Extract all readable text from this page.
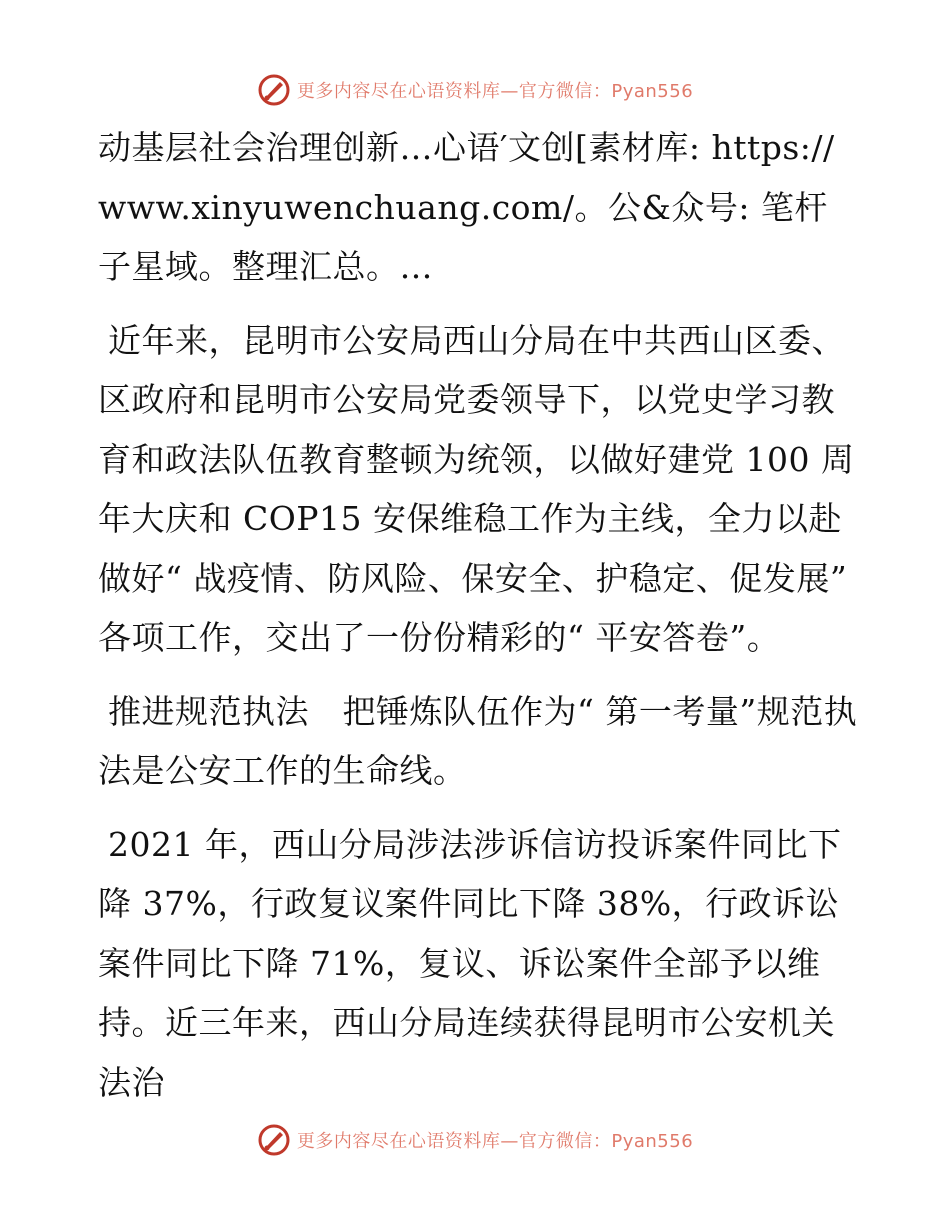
更多内容尽在心语资料库—官方微信：Pyan556

动基层社会治理创新…心语′文创[素材库: https://www.xinyuwenchuang.com/。公&众号: 笔杆子星域。整理汇总。…

近年来，昆明市公安局西山分局在中共西山区委、区政府和昆明市公安局党委领导下，以党史学习教育和政法队伍教育整顿为统领，以做好建党 100 周年大庆和 COP15 安保维稳工作为主线，全力以赴做好“ 战疫情、防风险、保安全、护稳定、促发展” 各项工作，交出了一份份精彩的“ 平安答卷”。

推进规范执法　把锤炼队伍作为“ 第一考量”规范执法是公安工作的生命线。

2021 年，西山分局涉法涉诉信访投诉案件同比下降 37%，行政复议案件同比下降 38%，行政诉讼案件同比下降 71%，复议、诉讼案件全部予以维持。近三年来，西山分局连续获得昆明市公安机关法治

更多内容尽在心语资料库—官方微信：Pyan556
